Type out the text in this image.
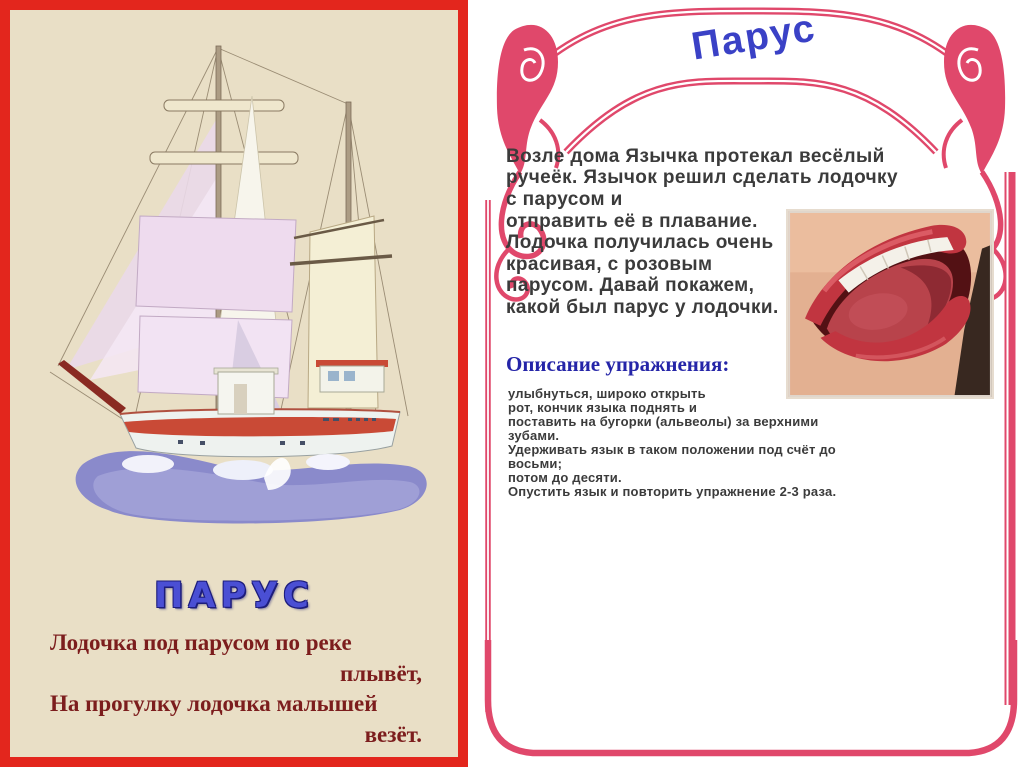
ПАРУС
Лодочка под парусом по реке
плывёт,
На прогулку лодочка малышей
везёт.
Парус
Возле дома Язычка протекал весёлый ручеёк. Язычок решил сделать лодочку с парусом и
отправить её в плавание. Лодочка получилась очень красивая, с розовым парусом. Давай покажем, какой был парус у лодочки.
Описание упражнения:
улыбнуться, широко открыть
рот, кончик языка поднять и
поставить на бугорки (альвеолы) за верхними
зубами.
Удерживать язык в таком положении под счёт до
восьми;
потом до десяти.
Опустить язык и повторить упражнение 2-3 раза.
